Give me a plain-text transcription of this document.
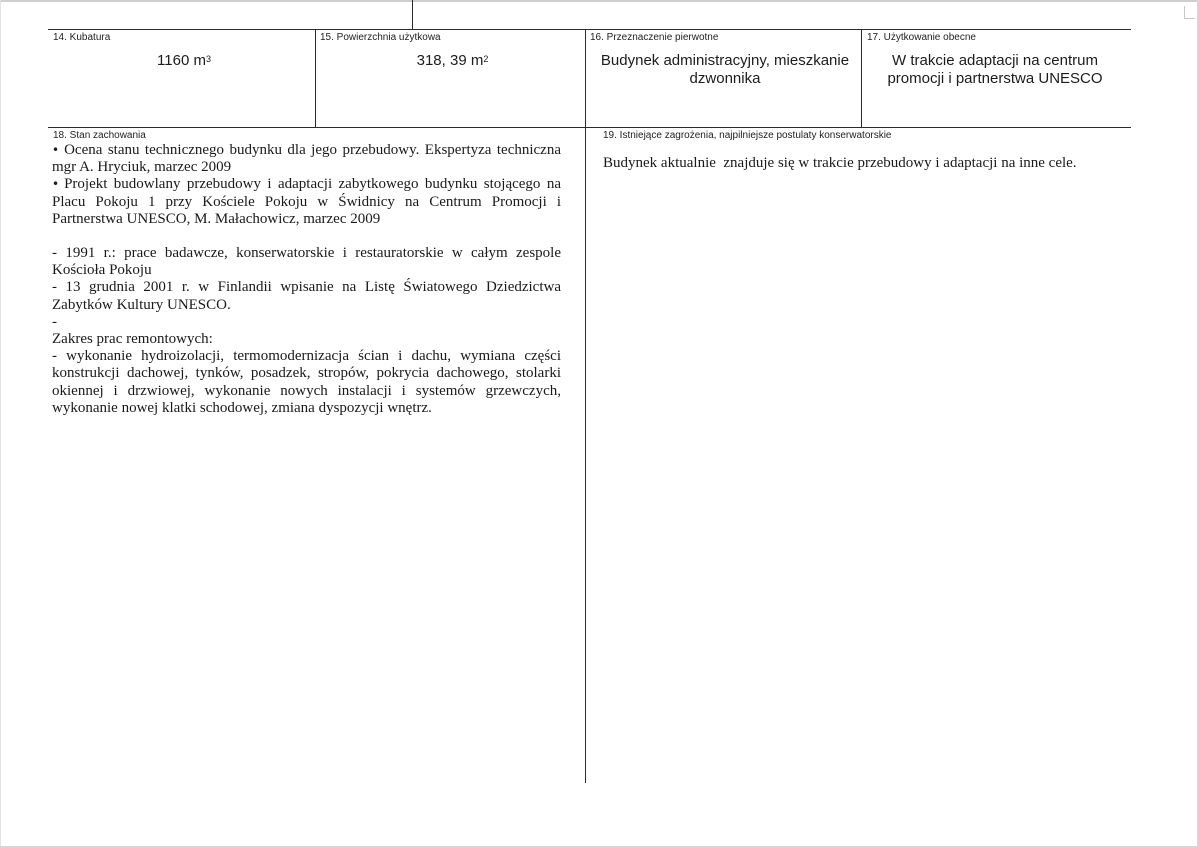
14. Kubatura
1160 $m^3$
15. Powierzchnia użytkowa
318, 39 $m^2$
16. Przeznaczenie pierwotne
Budynek administracyjny, mieszkanie dzwonnika
17. Użytkowanie obecne
W trakcie adaptacji na centrum promocji i partnerstwa UNESCO
18. Stan zachowania

• Ocena stanu technicznego budynku dla jego przebudowy. Ekspertyza techniczna mgr A. Hryciuk, marzec 2009

• Projekt budowlany przebudowy i adaptacji zabytkowego budynku stojącego na Placu Pokoju 1 przy Kościele Pokoju w Świdnicy na Centrum Promocji i Partnerstwa UNESCO, M. Małachowicz, marzec 2009

- 1991 r.: prace badawcze, konserwatorskie i restauratorskie w całym zespole Kościoła Pokoju

- 13 grudnia 2001 r. w Finlandii wpisanie na Listę Światowego Dziedzictwa Zabytków Kultury UNESCO.

-

Zakres prac remontowych:

- wykonanie hydroizolacji, termomodernizacja ścian i dachu, wymiana części konstrukcji dachowej, tynków, posadzek, stropów, pokrycia dachowego, stolarki okiennej i drzwiowej, wykonanie nowych instalacji i systemów grzewczych, wykonanie nowej klatki schodowej, zmiana dyspozycji wnętrz.

19. Istniejące zagrożenia, najpilniejsze postulaty konserwatorskie
Budynek aktualnie  znajduje się w trakcie przebudowy i adaptacji na inne cele.
